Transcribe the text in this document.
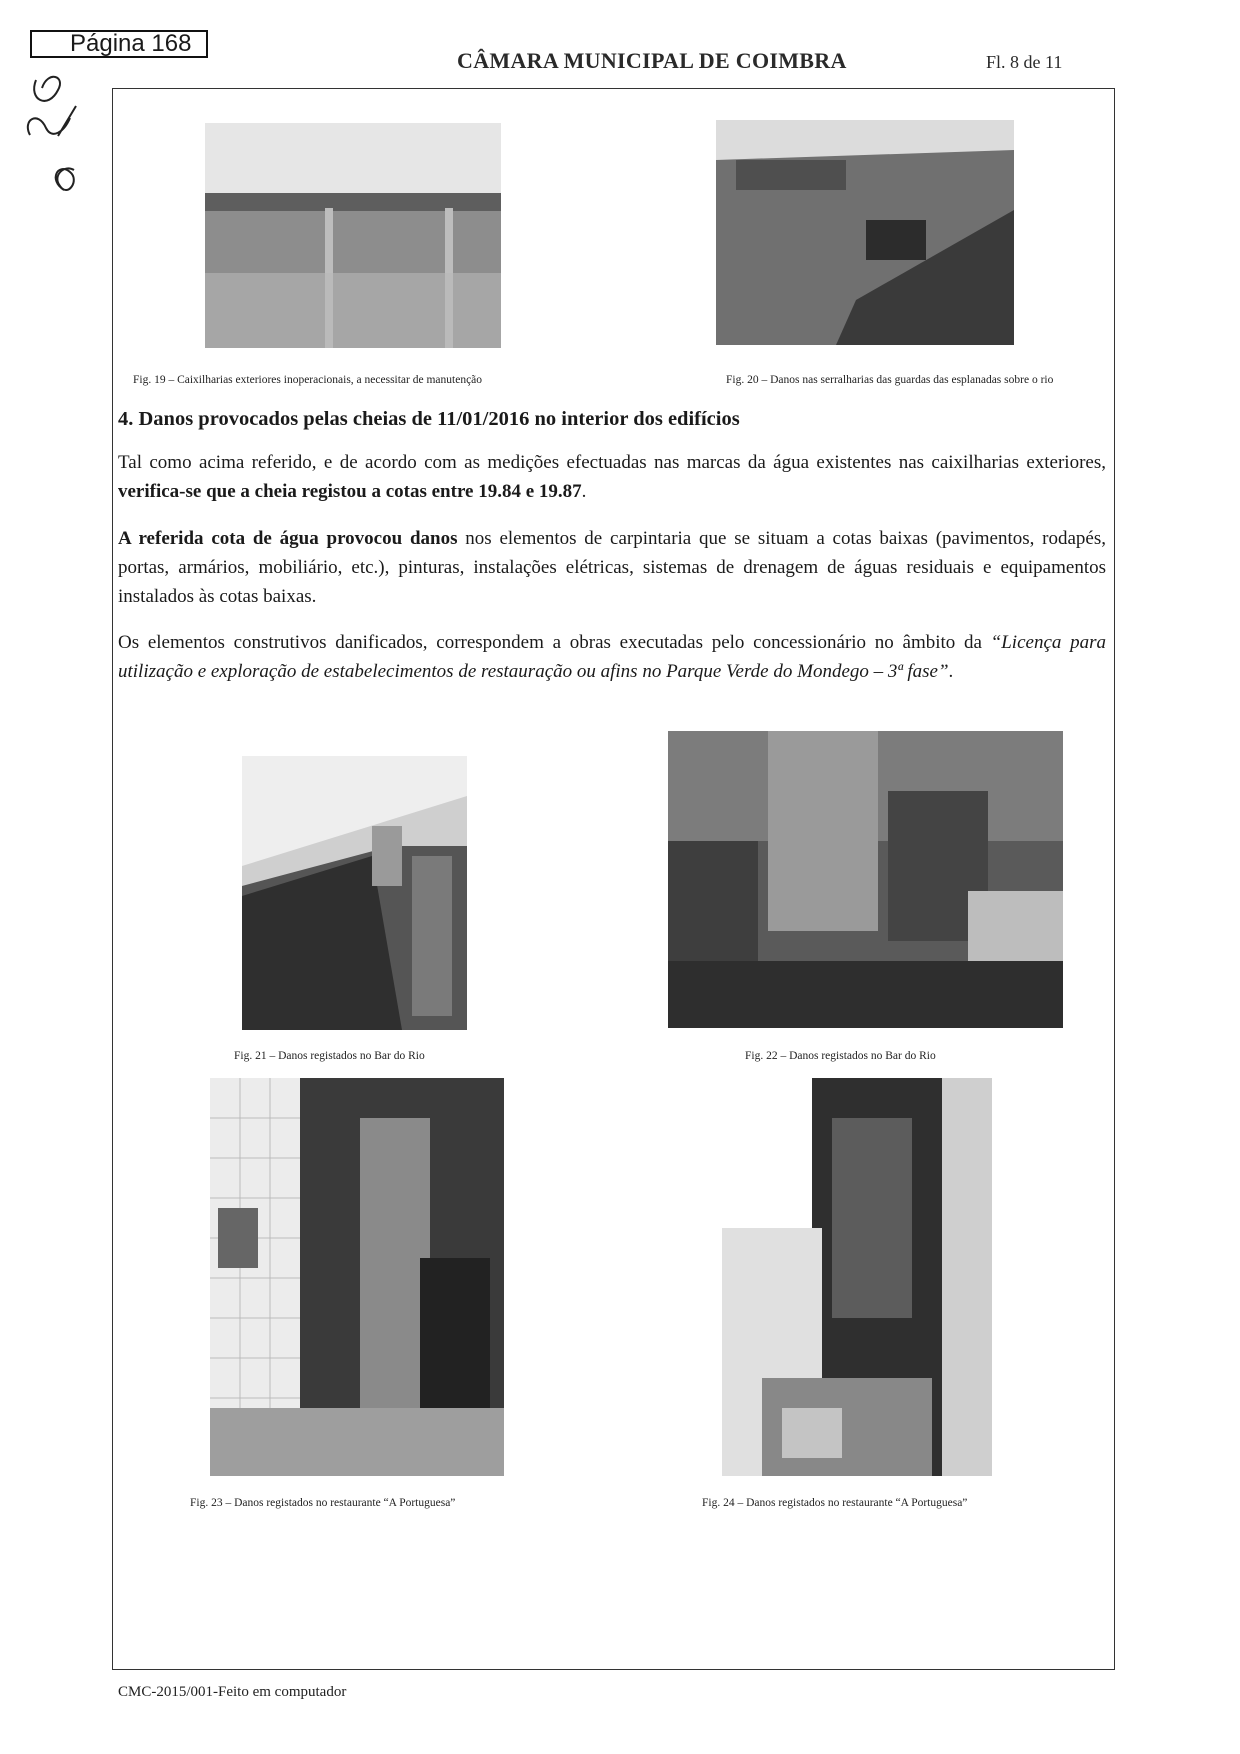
Página 168
CÂMARA MUNICIPAL DE COIMBRA	Fl. 8 de 11
Fig. 19 – Caixilharias exteriores inoperacionais, a necessitar de manutenção	Fig. 20 – Danos nas serralharias das guardas das esplanadas sobre o rio
4. Danos provocados pelas cheias de 11/01/2016 no interior dos edifícios

Tal como acima referido, e de acordo com as medições efectuadas nas marcas da água existentes nas caixilharias exteriores, verifica-se que a cheia registou a cotas entre 19.84 e 19.87.

A referida cota de água provocou danos nos elementos de carpintaria que se situam a cotas baixas (pavimentos, rodapés, portas, armários, mobiliário, etc.), pinturas, instalações elétricas, sistemas de drenagem de águas residuais e equipamentos instalados às cotas baixas.

Os elementos construtivos danificados, correspondem a obras executadas pelo concessionário no âmbito da “Licença para utilização e exploração de estabelecimentos de restauração ou afins no Parque Verde do Mondego – 3ª fase”.

Fig. 21 – Danos registados no Bar do Rio	Fig. 22 – Danos registados no Bar do Rio
Fig. 23 – Danos registados no restaurante “A Portuguesa”	Fig. 24 – Danos registados no restaurante “A Portuguesa”
CMC-2015/001-Feito em computador
